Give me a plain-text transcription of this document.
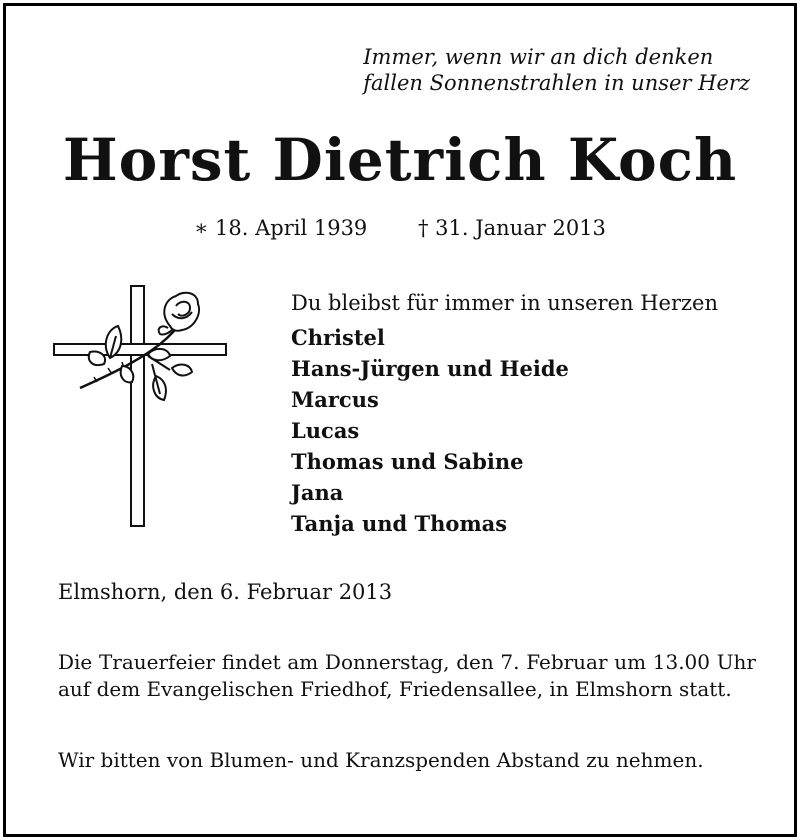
Immer, wenn wir an dich denken
fallen Sonnenstrahlen in unser Herz
Horst Dietrich Koch
∗ 18. April 1939 † 31. Januar 2013
Du bleibst für immer in unseren Herzen
Christel
Hans-Jürgen und Heide
Marcus
Lucas
Thomas und Sabine
Jana
Tanja und Thomas
Elmshorn, den 6. Februar 2013

Die Trauerfeier findet am Donnerstag, den 7. Februar um 13.00 Uhr auf dem Evangelischen Friedhof, Friedensallee, in Elmshorn statt.

Wir bitten von Blumen- und Kranzspenden Abstand zu nehmen.
